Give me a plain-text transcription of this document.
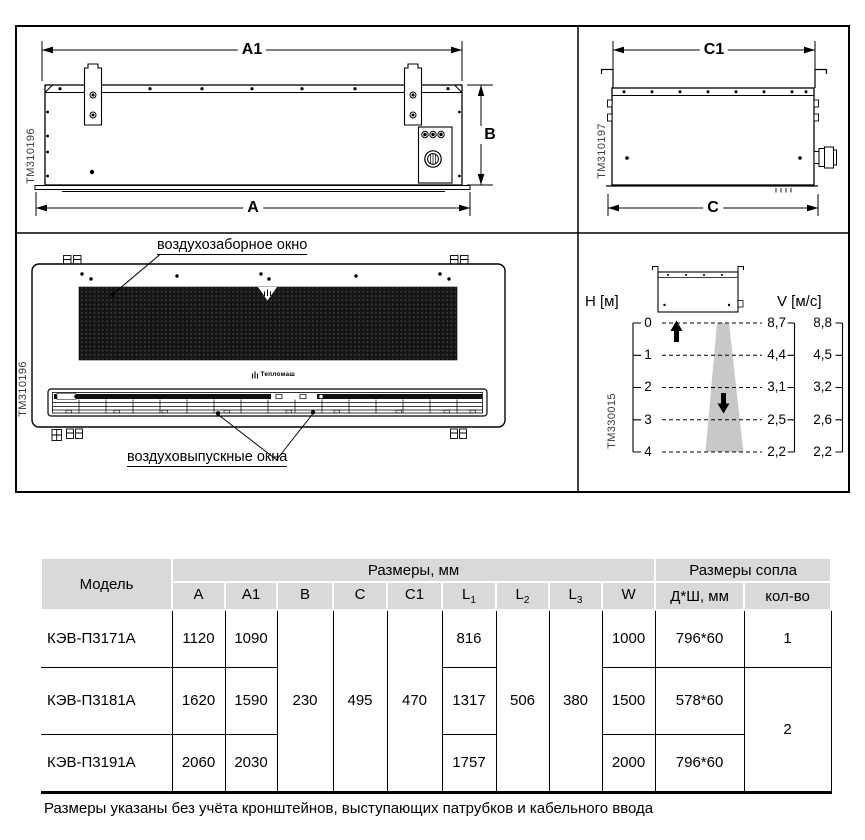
A1
A
B
C1
C
TM310196	TM310197
TM310196
TM330015
воздухозаборное окно
воздуховыпускные окна
Тепломаш
H [м]	V [м/с]
0
1
2
3
4
8,7
4,4
3,1
2,5
2,2
8,8
4,5
3,2
2,6
2,2
Модель	Размеры, мм									Размеры сопла	
	A	A1	B	C	C1	$L_1$	$L_2$	$L_3$	W	Д*Ш, мм	кол-во
КЭВ-П3171А	1120	1090	230	495	470	816	506	380	1000	796*60	1
КЭВ-П3181А	1620	1590				1317			1500	578*60	2
КЭВ-П3191А	2060	2030				1757			2000	796*60	
Размеры указаны без учёта кронштейнов, выступающих патрубков и кабельного ввода
